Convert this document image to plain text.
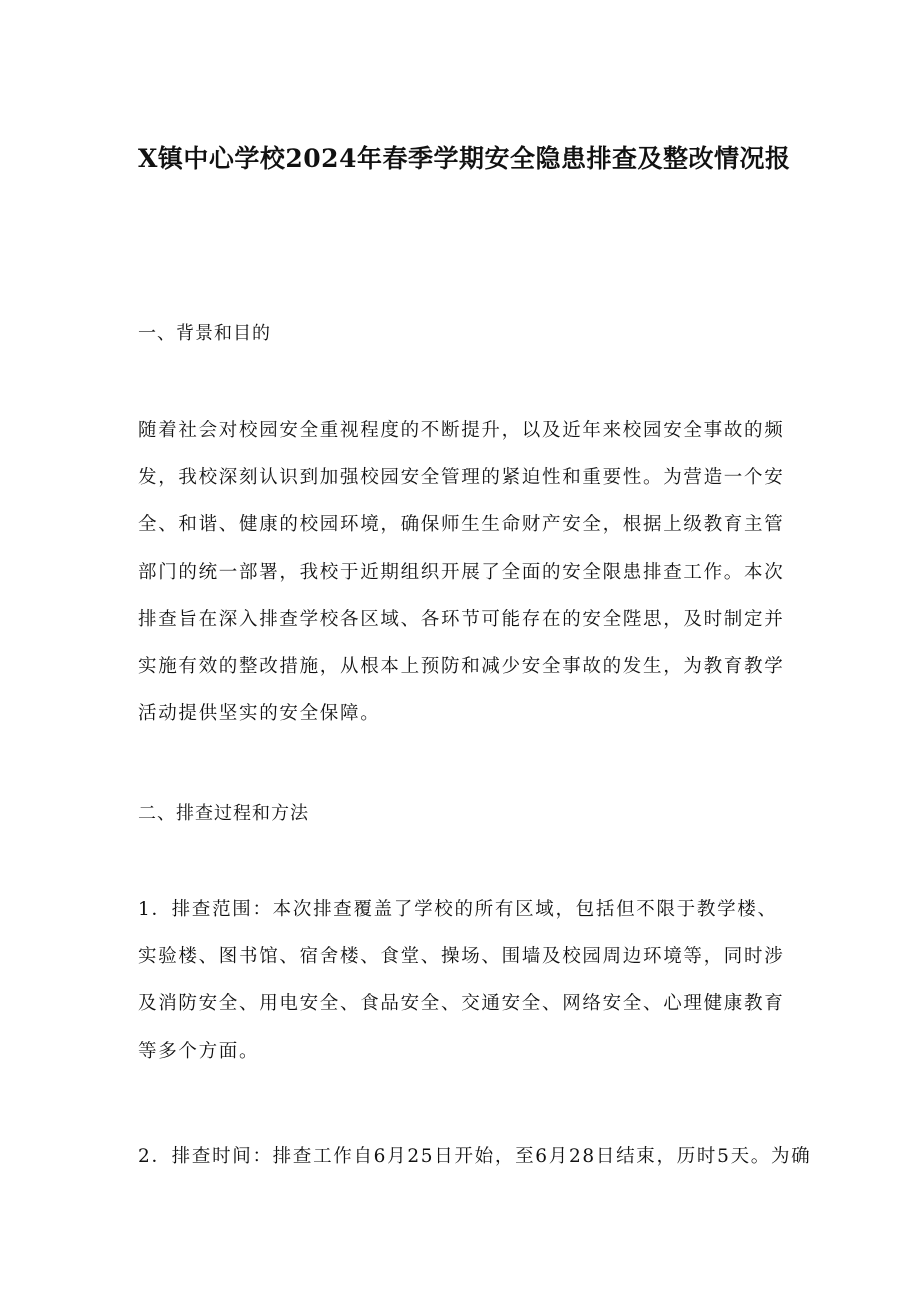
X镇中心学校2024年春季学期安全隐患排查及整改情况报
一、背景和目的
随着社会对校园安全重视程度的不断提升，以及近年来校园安全事故的频
发，我校深刻认识到加强校园安全管理的紧迫性和重要性。为营造一个安
全、和谐、健康的校园环境，确保师生生命财产安全，根据上级教育主管
部门的统一部署，我校于近期组织开展了全面的安全限患排查工作。本次
排查旨在深入排查学校各区域、各环节可能存在的安全陛思，及时制定并
实施有效的整改措施，从根本上预防和减少安全事故的发生，为教育教学
活动提供坚实的安全保障。
二、排查过程和方法
1．排查范围：本次排查覆盖了学校的所有区域，包括但不限于教学楼、
实验楼、图书馆、宿舍楼、食堂、操场、围墙及校园周边环境等，同时涉
及消防安全、用电安全、食品安全、交通安全、网络安全、心理健康教育
等多个方面。
2．排查时间：排查工作自6月25日开始，至6月28日结束，历时5天。为确
